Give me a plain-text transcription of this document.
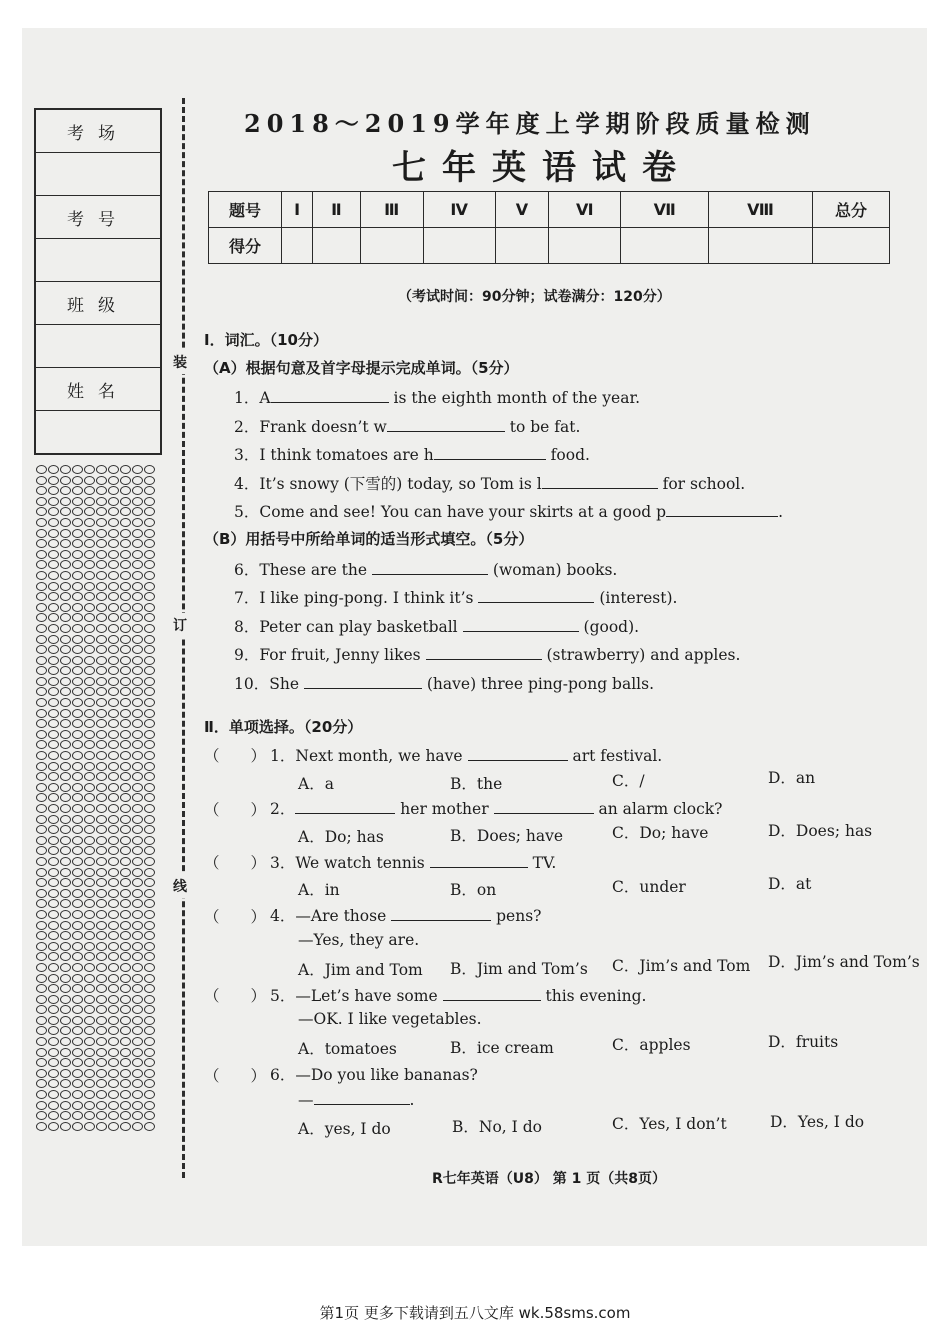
考场
考号
班级
姓名
装
订
线
2018～2019学年度上学期阶段质量检测
七年英语试卷
题号	Ⅰ	Ⅱ	Ⅲ	Ⅳ	Ⅴ	Ⅵ	Ⅶ	Ⅷ	总分
得分									
（考试时间：90分钟；试卷满分：120分）
Ⅰ．词汇。（10分）
（A）根据句意及首字母提示完成单词。（5分）
1．A	is the eighth month of the year.
2．Frank doesn’t w	to be fat.
3．I think tomatoes are h	food.
4．It’s snowy (下雪的) today, so Tom is l	for school.
5．Come and see! You can have your skirts at a good p	.
（B）用括号中所给单词的适当形式填空。（5分）
6．These are the	(woman) books.
7．I like ping-pong. I think it’s	(interest).
8．Peter can play basketball	(good).
9．For fruit, Jenny likes	(strawberry) and apples.
10．She	(have) three ping-pong balls.
Ⅱ．单项选择。（20分）
（　　） 1．Next month, we have	art festival.
A．a	B．the	C．/	D．an
（　　） 2．	her mother	an alarm clock?
A．Do; has	B．Does; have	C．Do; have	D．Does; has
（　　） 3．We watch tennis	TV.
A．in	B．on	C．under	D．at
（　　） 4．—Are those	pens?
—Yes, they are.
A．Jim and Tom B．Jim and Tom’s C．Jim’s and Tom D．Jim’s and Tom’s
（　　） 5．—Let’s have some	this evening.
—OK. I like vegetables.
A．tomatoes	B．ice cream	C．apples	D．fruits
（　　） 6．—Do you like bananas?
—	.
A．yes, I do	B．No, I do	C．Yes, I don’t	D．Yes, I do
R七年英语（U8） 第 1 页（共8页）
第1页 更多下载请到五八文库 wk.58sms.com
